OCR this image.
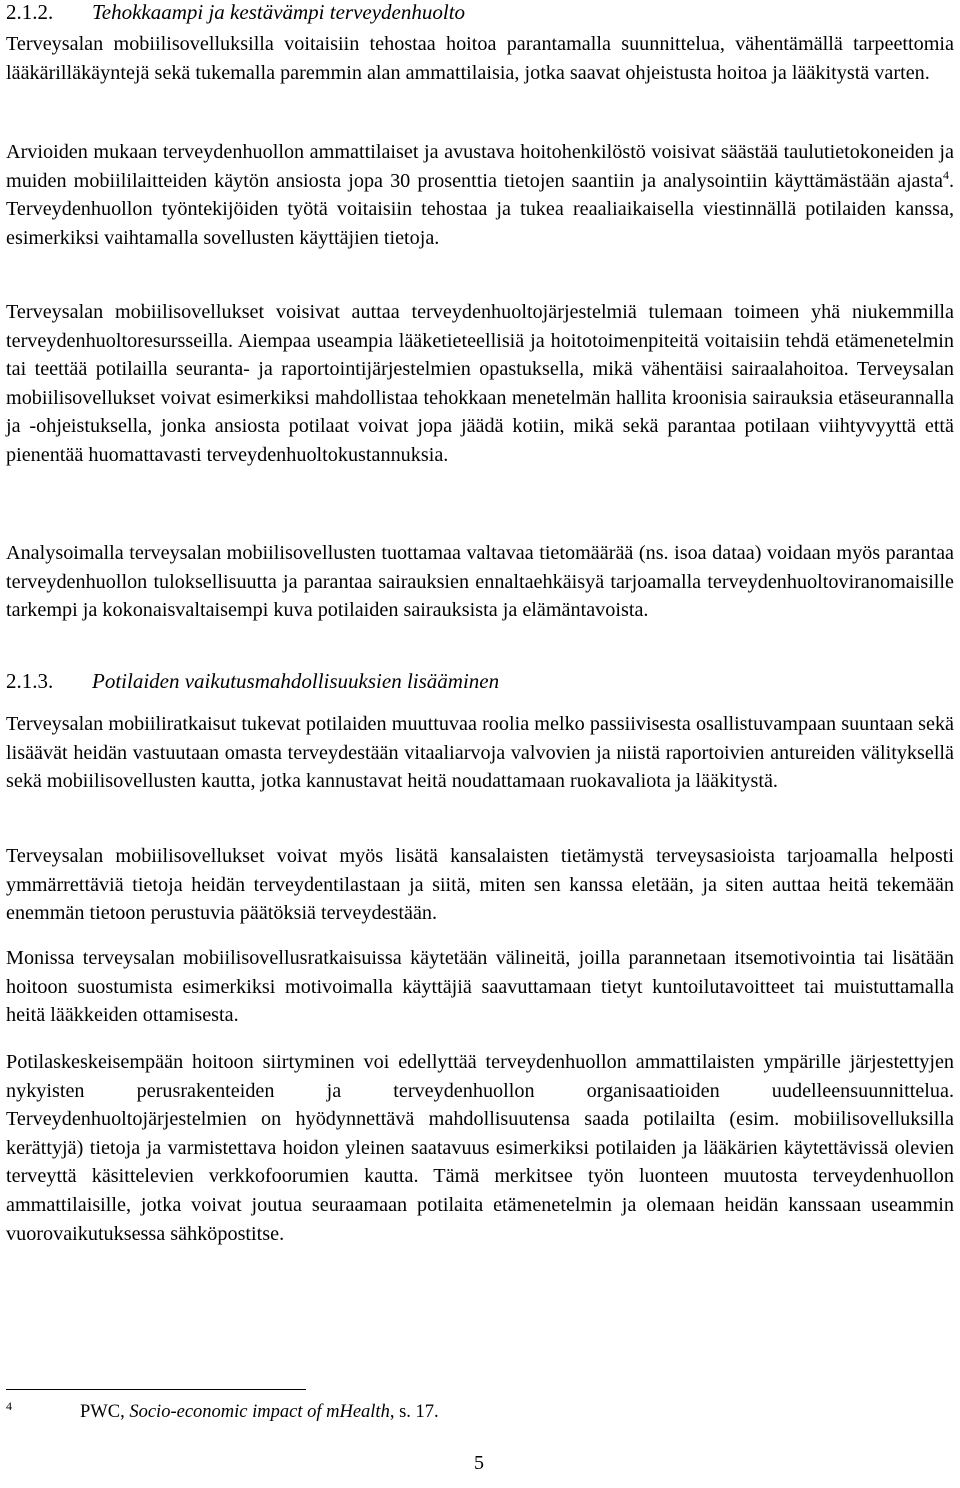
2.1.2. Tehokkaampi ja kestävämpi terveydenhuolto

Terveysalan mobiilisovelluksilla voitaisiin tehostaa hoitoa parantamalla suunnittelua, vähentämällä tarpeettomia lääkärilläkäyntejä sekä tukemalla paremmin alan ammattilaisia, jotka saavat ohjeistusta hoitoa ja lääkitystä varten.

Arvioiden mukaan terveydenhuollon ammattilaiset ja avustava hoitohenkilöstö voisivat säästää taulutietokoneiden ja muiden mobiililaitteiden käytön ansiosta jopa 30 prosenttia tietojen saantiin ja analysointiin käyttämästään ajasta$^4$. Terveydenhuollon työntekijöiden työtä voitaisiin tehostaa ja tukea reaaliaikaisella viestinnällä potilaiden kanssa, esimerkiksi vaihtamalla sovellusten käyttäjien tietoja.

Terveysalan mobiilisovellukset voisivat auttaa terveydenhuoltojärjestelmiä tulemaan toimeen yhä niukemmilla terveydenhuoltoresursseilla. Aiempaa useampia lääketieteellisiä ja hoitotoimenpiteitä voitaisiin tehdä etämenetelmin tai teettää potilailla seuranta- ja raportointijärjestelmien opastuksella, mikä vähentäisi sairaalahoitoa. Terveysalan mobiilisovellukset voivat esimerkiksi mahdollistaa tehokkaan menetelmän hallita kroonisia sairauksia etäseurannalla ja -ohjeistuksella, jonka ansiosta potilaat voivat jopa jäädä kotiin, mikä sekä parantaa potilaan viihtyvyyttä että pienentää huomattavasti terveydenhuoltokustannuksia.

Analysoimalla terveysalan mobiilisovellusten tuottamaa valtavaa tietomäärää (ns. isoa dataa) voidaan myös parantaa terveydenhuollon tuloksellisuutta ja parantaa sairauksien ennaltaehkäisyä tarjoamalla terveydenhuoltoviranomaisille tarkempi ja kokonaisvaltaisempi kuva potilaiden sairauksista ja elämäntavoista.

2.1.3. Potilaiden vaikutusmahdollisuuksien lisääminen

Terveysalan mobiiliratkaisut tukevat potilaiden muuttuvaa roolia melko passiivisesta osallistuvampaan suuntaan sekä lisäävät heidän vastuutaan omasta terveydestään vitaaliarvoja valvovien ja niistä raportoivien antureiden välityksellä sekä mobiilisovellusten kautta, jotka kannustavat heitä noudattamaan ruokavaliota ja lääkitystä.

Terveysalan mobiilisovellukset voivat myös lisätä kansalaisten tietämystä terveysasioista tarjoamalla helposti ymmärrettäviä tietoja heidän terveydentilastaan ja siitä, miten sen kanssa eletään, ja siten auttaa heitä tekemään enemmän tietoon perustuvia päätöksiä terveydestään.

Monissa terveysalan mobiilisovellusratkaisuissa käytetään välineitä, joilla parannetaan itsemotivointia tai lisätään hoitoon suostumista esimerkiksi motivoimalla käyttäjiä saavuttamaan tietyt kuntoilutavoitteet tai muistuttamalla heitä lääkkeiden ottamisesta.

Potilaskeskeisempään hoitoon siirtyminen voi edellyttää terveydenhuollon ammattilaisten ympärille järjestettyjen nykyisten perusrakenteiden ja terveydenhuollon organisaatioiden uudelleensuunnittelua. Terveydenhuoltojärjestelmien on hyödynnettävä mahdollisuutensa saada potilailta (esim. mobiilisovelluksilla kerättyjä) tietoja ja varmistettava hoidon yleinen saatavuus esimerkiksi potilaiden ja lääkärien käytettävissä olevien terveyttä käsittelevien verkkofoorumien kautta. Tämä merkitsee työn luonteen muutosta terveydenhuollon ammattilaisille, jotka voivat joutua seuraamaan potilaita etämenetelmin ja olemaan heidän kanssaan useammin vuorovaikutuksessa sähköpostitse.

4	PWC, Socio-economic impact of mHealth, s. 17.
5
